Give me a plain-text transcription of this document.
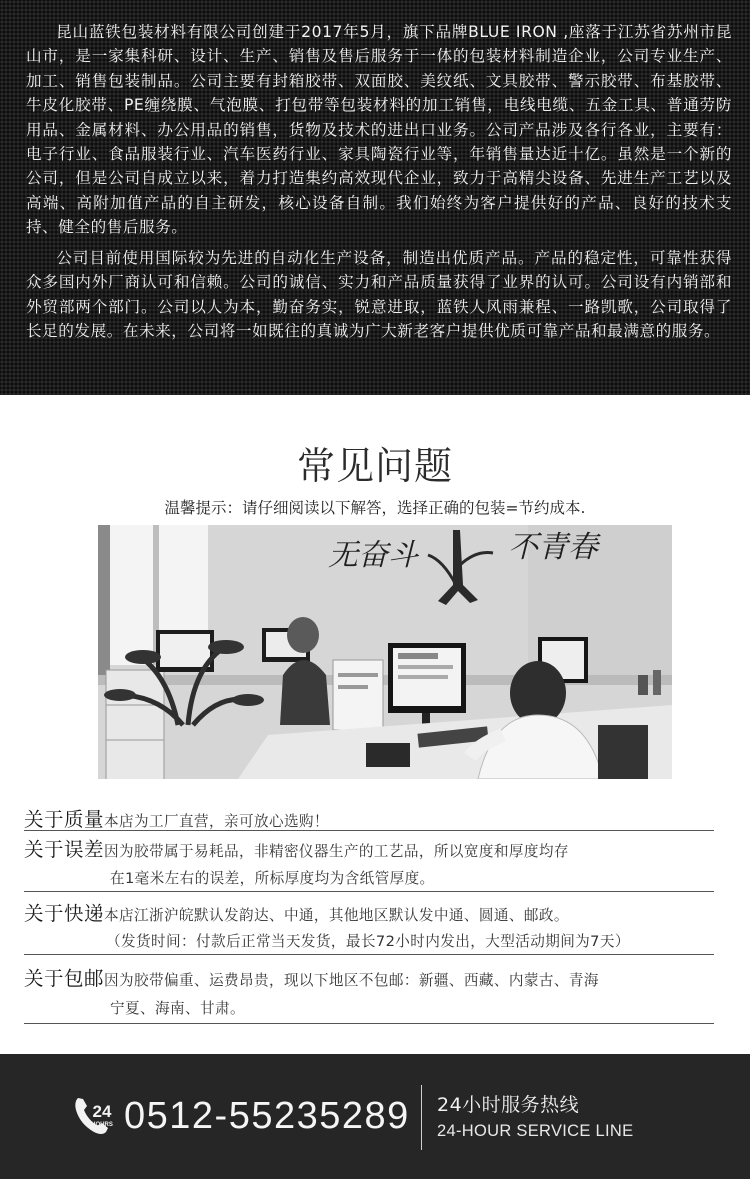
昆山蓝铁包装材料有限公司创建于2017年5月，旗下品牌BLUE IRON ,座落于江苏省苏州市昆山市，是一家集科研、设计、生产、销售及售后服务于一体的包装材料制造企业，公司专业生产、加工、销售包装制品。公司主要有封箱胶带、双面胶、美纹纸、文具胶带、警示胶带、布基胶带、牛皮化胶带、PE缠绕膜、气泡膜、打包带等包装材料的加工销售，电线电缆、五金工具、普通劳防用品、金属材料、办公用品的销售，货物及技术的进出口业务。公司产品涉及各行各业，主要有：电子行业、食品服装行业、汽车医药行业、家具陶瓷行业等，年销售量达近十亿。虽然是一个新的公司，但是公司自成立以来，着力打造集约高效现代企业，致力于高精尖设备、先进生产工艺以及高端、高附加值产品的自主研发，核心设备自制。我们始终为客户提供好的产品、良好的技术支持、健全的售后服务。

公司目前使用国际较为先进的自动化生产设备，制造出优质产品。产品的稳定性，可靠性获得众多国内外厂商认可和信赖。公司的诚信、实力和产品质量获得了业界的认可。公司设有内销部和外贸部两个部门。公司以人为本，勤奋务实，锐意进取，蓝铁人风雨兼程、一路凯歌，公司取得了长足的发展。在未来，公司将一如既往的真诚为广大新老客户提供优质可靠产品和最满意的服务。

常见问题

温馨提示：请仔细阅读以下解答，选择正确的包装=节约成本.

无奋斗	不青春
关于质量本店为工厂直营，亲可放心选购！
关于误差因为胶带属于易耗品，非精密仪器生产的工艺品，所以宽度和厚度均存
在1毫米左右的误差，所标厚度均为含纸管厚度。
关于快递本店江浙沪皖默认发韵达、中通，其他地区默认发中通、圆通、邮政。
（发货时间：付款后正常当天发货，最长72小时内发出，大型活动期间为7天）
关于包邮因为胶带偏重、运费昂贵，现以下地区不包邮：新疆、西藏、内蒙古、青海
宁夏、海南、甘肃。
24
HOURS 0512-55235289 24小时服务热线
24-HOUR SERVICE LINE
